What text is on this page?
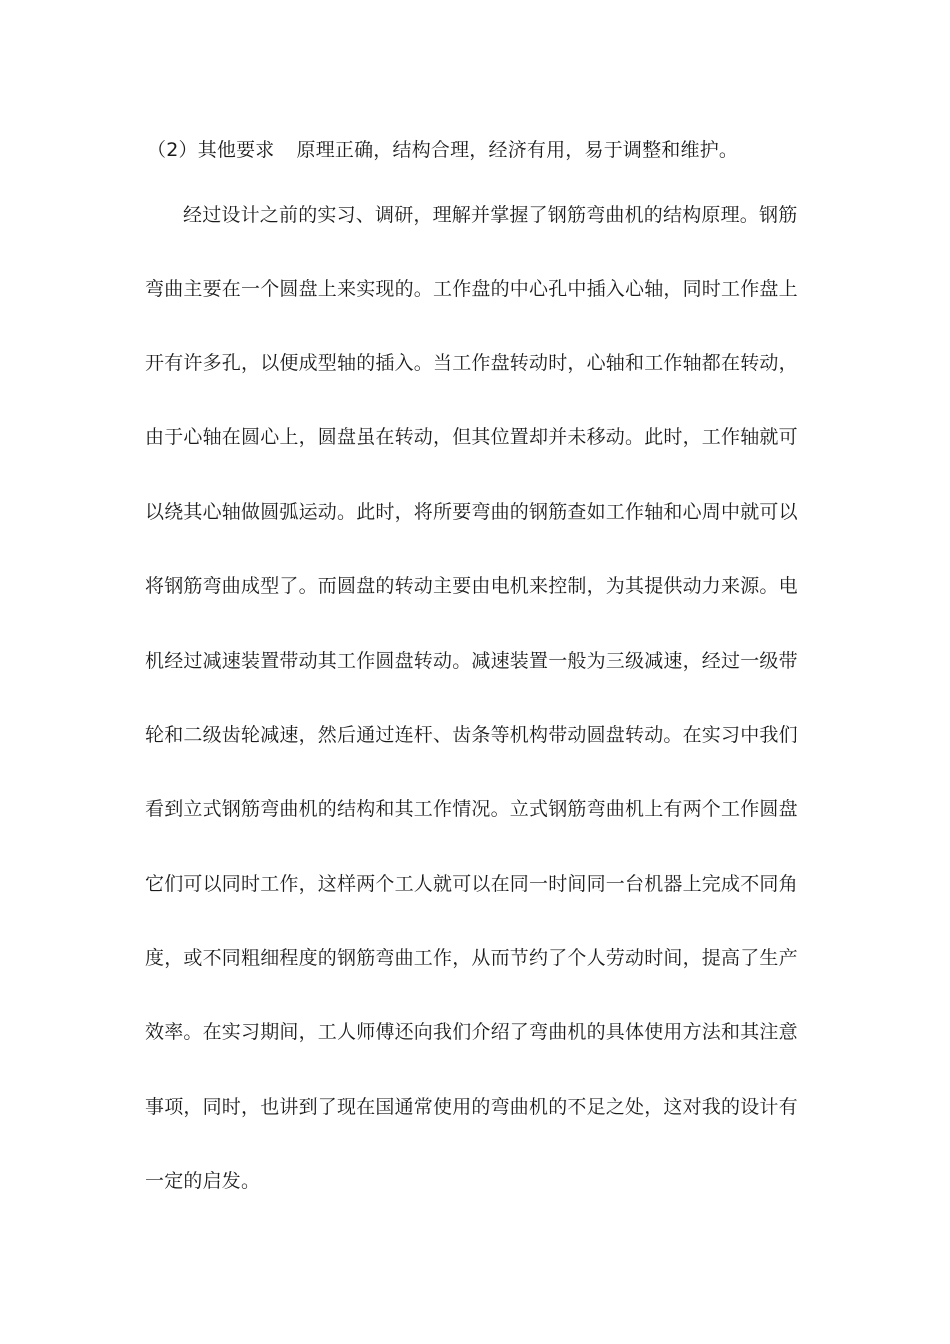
（2）其他要求 原理正确，结构合理，经济有用，易于调整和维护。
经过设计之前的实习、调研，理解并掌握了钢筋弯曲机的结构原理。钢筋
弯曲主要在一个圆盘上来实现的。工作盘的中心孔中插入心轴，同时工作盘上
开有许多孔，以便成型轴的插入。当工作盘转动时，心轴和工作轴都在转动，
由于心轴在圆心上，圆盘虽在转动，但其位置却并未移动。此时，工作轴就可
以绕其心轴做圆弧运动。此时，将所要弯曲的钢筋查如工作轴和心周中就可以
将钢筋弯曲成型了。而圆盘的转动主要由电机来控制，为其提供动力来源。电
机经过减速装置带动其工作圆盘转动。减速装置一般为三级减速，经过一级带
轮和二级齿轮减速，然后通过连杆、齿条等机构带动圆盘转动。在实习中我们
看到立式钢筋弯曲机的结构和其工作情况。立式钢筋弯曲机上有两个工作圆盘
它们可以同时工作，这样两个工人就可以在同一时间同一台机器上完成不同角
度，或不同粗细程度的钢筋弯曲工作，从而节约了个人劳动时间，提高了生产
效率。在实习期间，工人师傅还向我们介绍了弯曲机的具体使用方法和其注意
事项，同时，也讲到了现在国通常使用的弯曲机的不足之处，这对我的设计有
一定的启发。
